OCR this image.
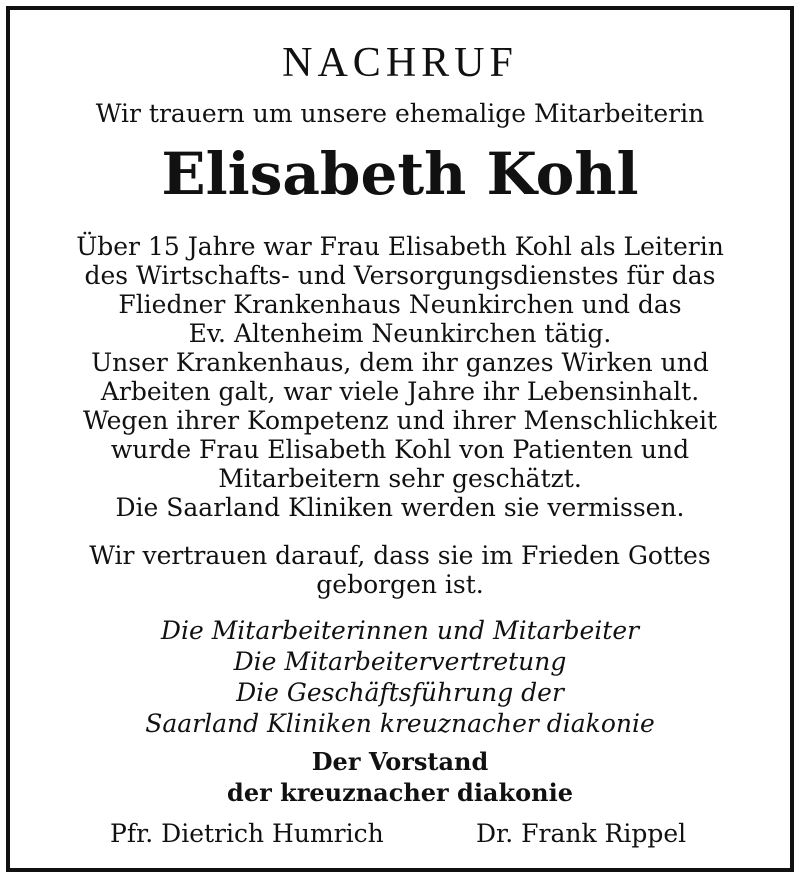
NACHRUF
Wir trauern um unsere ehemalige Mitarbeiterin
Elisabeth Kohl
Über 15 Jahre war Frau Elisabeth Kohl als Leiterin
des Wirtschafts- und Versorgungsdienstes für das
Fliedner Krankenhaus Neunkirchen und das
Ev. Altenheim Neunkirchen tätig.
Unser Krankenhaus, dem ihr ganzes Wirken und
Arbeiten galt, war viele Jahre ihr Lebensinhalt.
Wegen ihrer Kompetenz und ihrer Menschlichkeit
wurde Frau Elisabeth Kohl von Patienten und
Mitarbeitern sehr geschätzt.
Die Saarland Kliniken werden sie vermissen.
Wir vertrauen darauf, dass sie im Frieden Gottes
geborgen ist.
Die Mitarbeiterinnen und Mitarbeiter
Die Mitarbeitervertretung
Die Geschäftsführung der
Saarland Kliniken kreuznacher diakonie
Der Vorstand
der kreuznacher diakonie
Pfr. Dietrich Humrich	Dr. Frank Rippel
